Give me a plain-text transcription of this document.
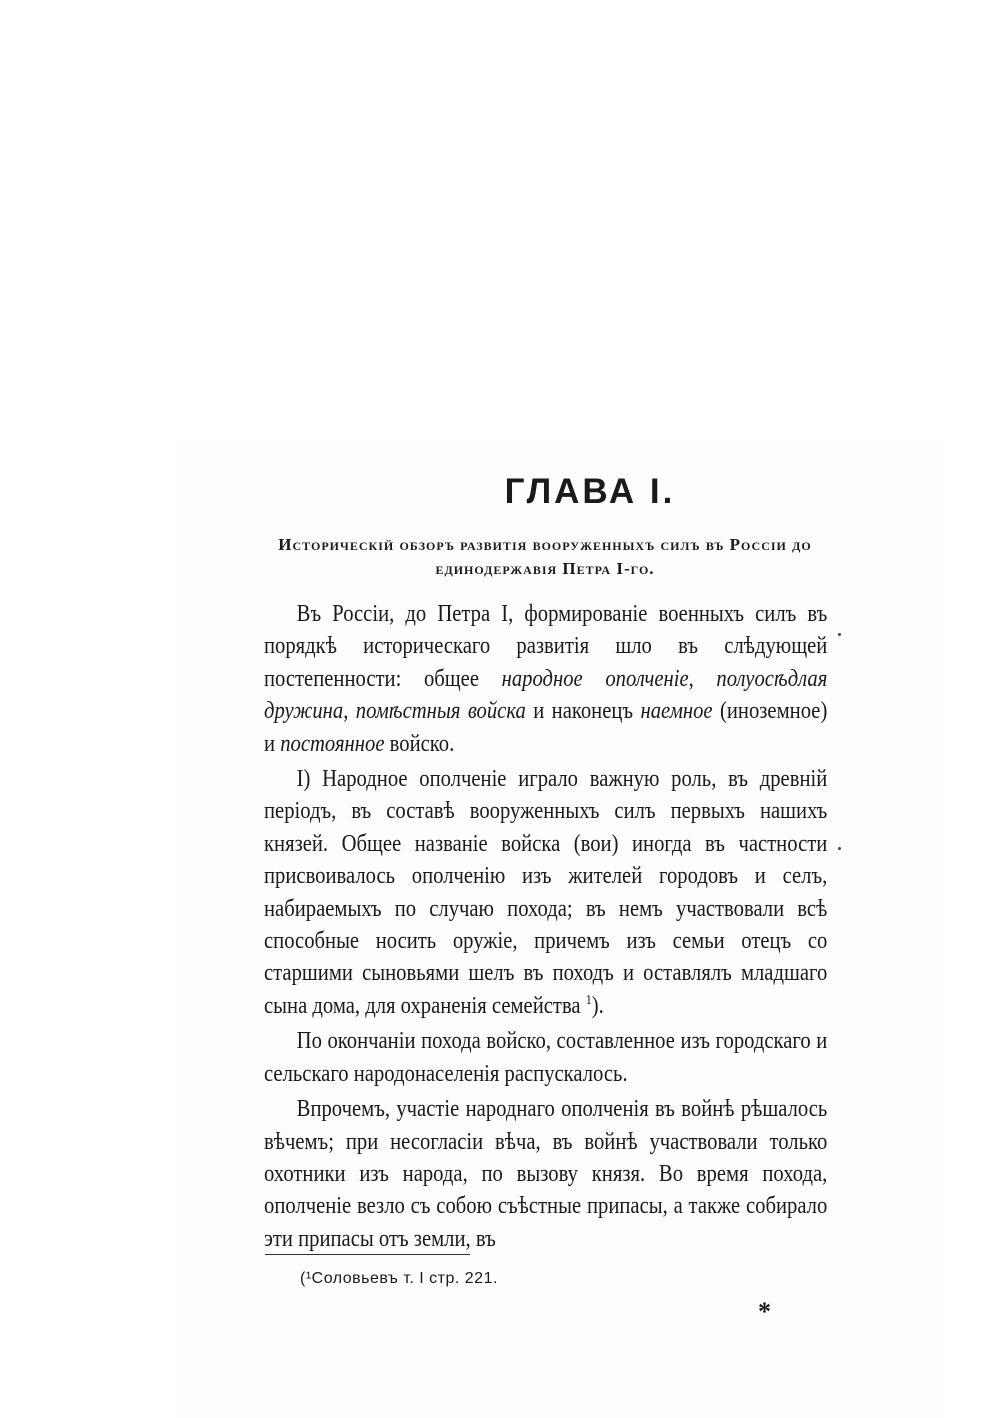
ГЛАВА I.

Историческій обзоръ развитія вооруженныхъ силъ въ Россіи до единодержавія Петра I-го.

Въ Россіи, до Петра I, формированіе военныхъ силъ въ порядкѣ историческаго развитія шло въ слѣдующей постепенности: общее народное ополченіе, полуосѣдлая дружина, помѣстныя войска и наконецъ наемное (иноземное) и постоянное войско.

I) Народное ополченіе играло важную роль, въ древній періодъ, въ составѣ вооруженныхъ силъ первыхъ нашихъ князей. Общее названіе войска (вои) иногда въ частности присвоивалось ополченію изъ жителей городовъ и селъ, набираемыхъ по случаю похода; въ немъ участвовали всѣ способные носить оружіе, причемъ изъ семьи отецъ со старшими сыновьями шелъ въ походъ и оставлялъ младшаго сына дома, для охраненія семейства $^1$).

По окончаніи похода войско, составленное изъ городскаго и сельскаго народонаселенія распускалось.

Впрочемъ, участіе народнаго ополченія въ войнѣ рѣшалось вѣчемъ; при несогласіи вѣча, въ войнѣ участвовали только охотники изъ народа, по вызову князя. Во время похода, ополченіе везло съ собою съѣстные припасы, а также собирало эти припасы отъ земли, въ

(¹Соловьевъ т. I стр. 221.

*
